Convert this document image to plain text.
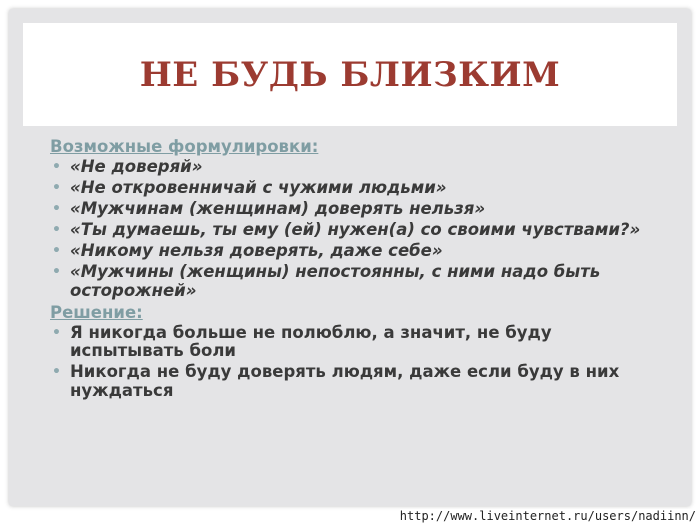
НЕ БУДЬ БЛИЗКИМ
Возможные формулировки:
• «Не доверяй»
• «Не откровенничай с чужими людьми»
• «Мужчинам (женщинам) доверять нельзя»
• «Ты думаешь, ты ему (ей) нужен(а) со своими чувствами?»
• «Никому нельзя доверять, даже себе»
• «Мужчины (женщины) непостоянны, с ними надо быть осторожней»
Решение:
• Я никогда больше не полюблю, а значит, не буду испытывать боли
• Никогда не буду доверять людям, даже если буду в них нуждаться
http://www.liveinternet.ru/users/nadiinn/
